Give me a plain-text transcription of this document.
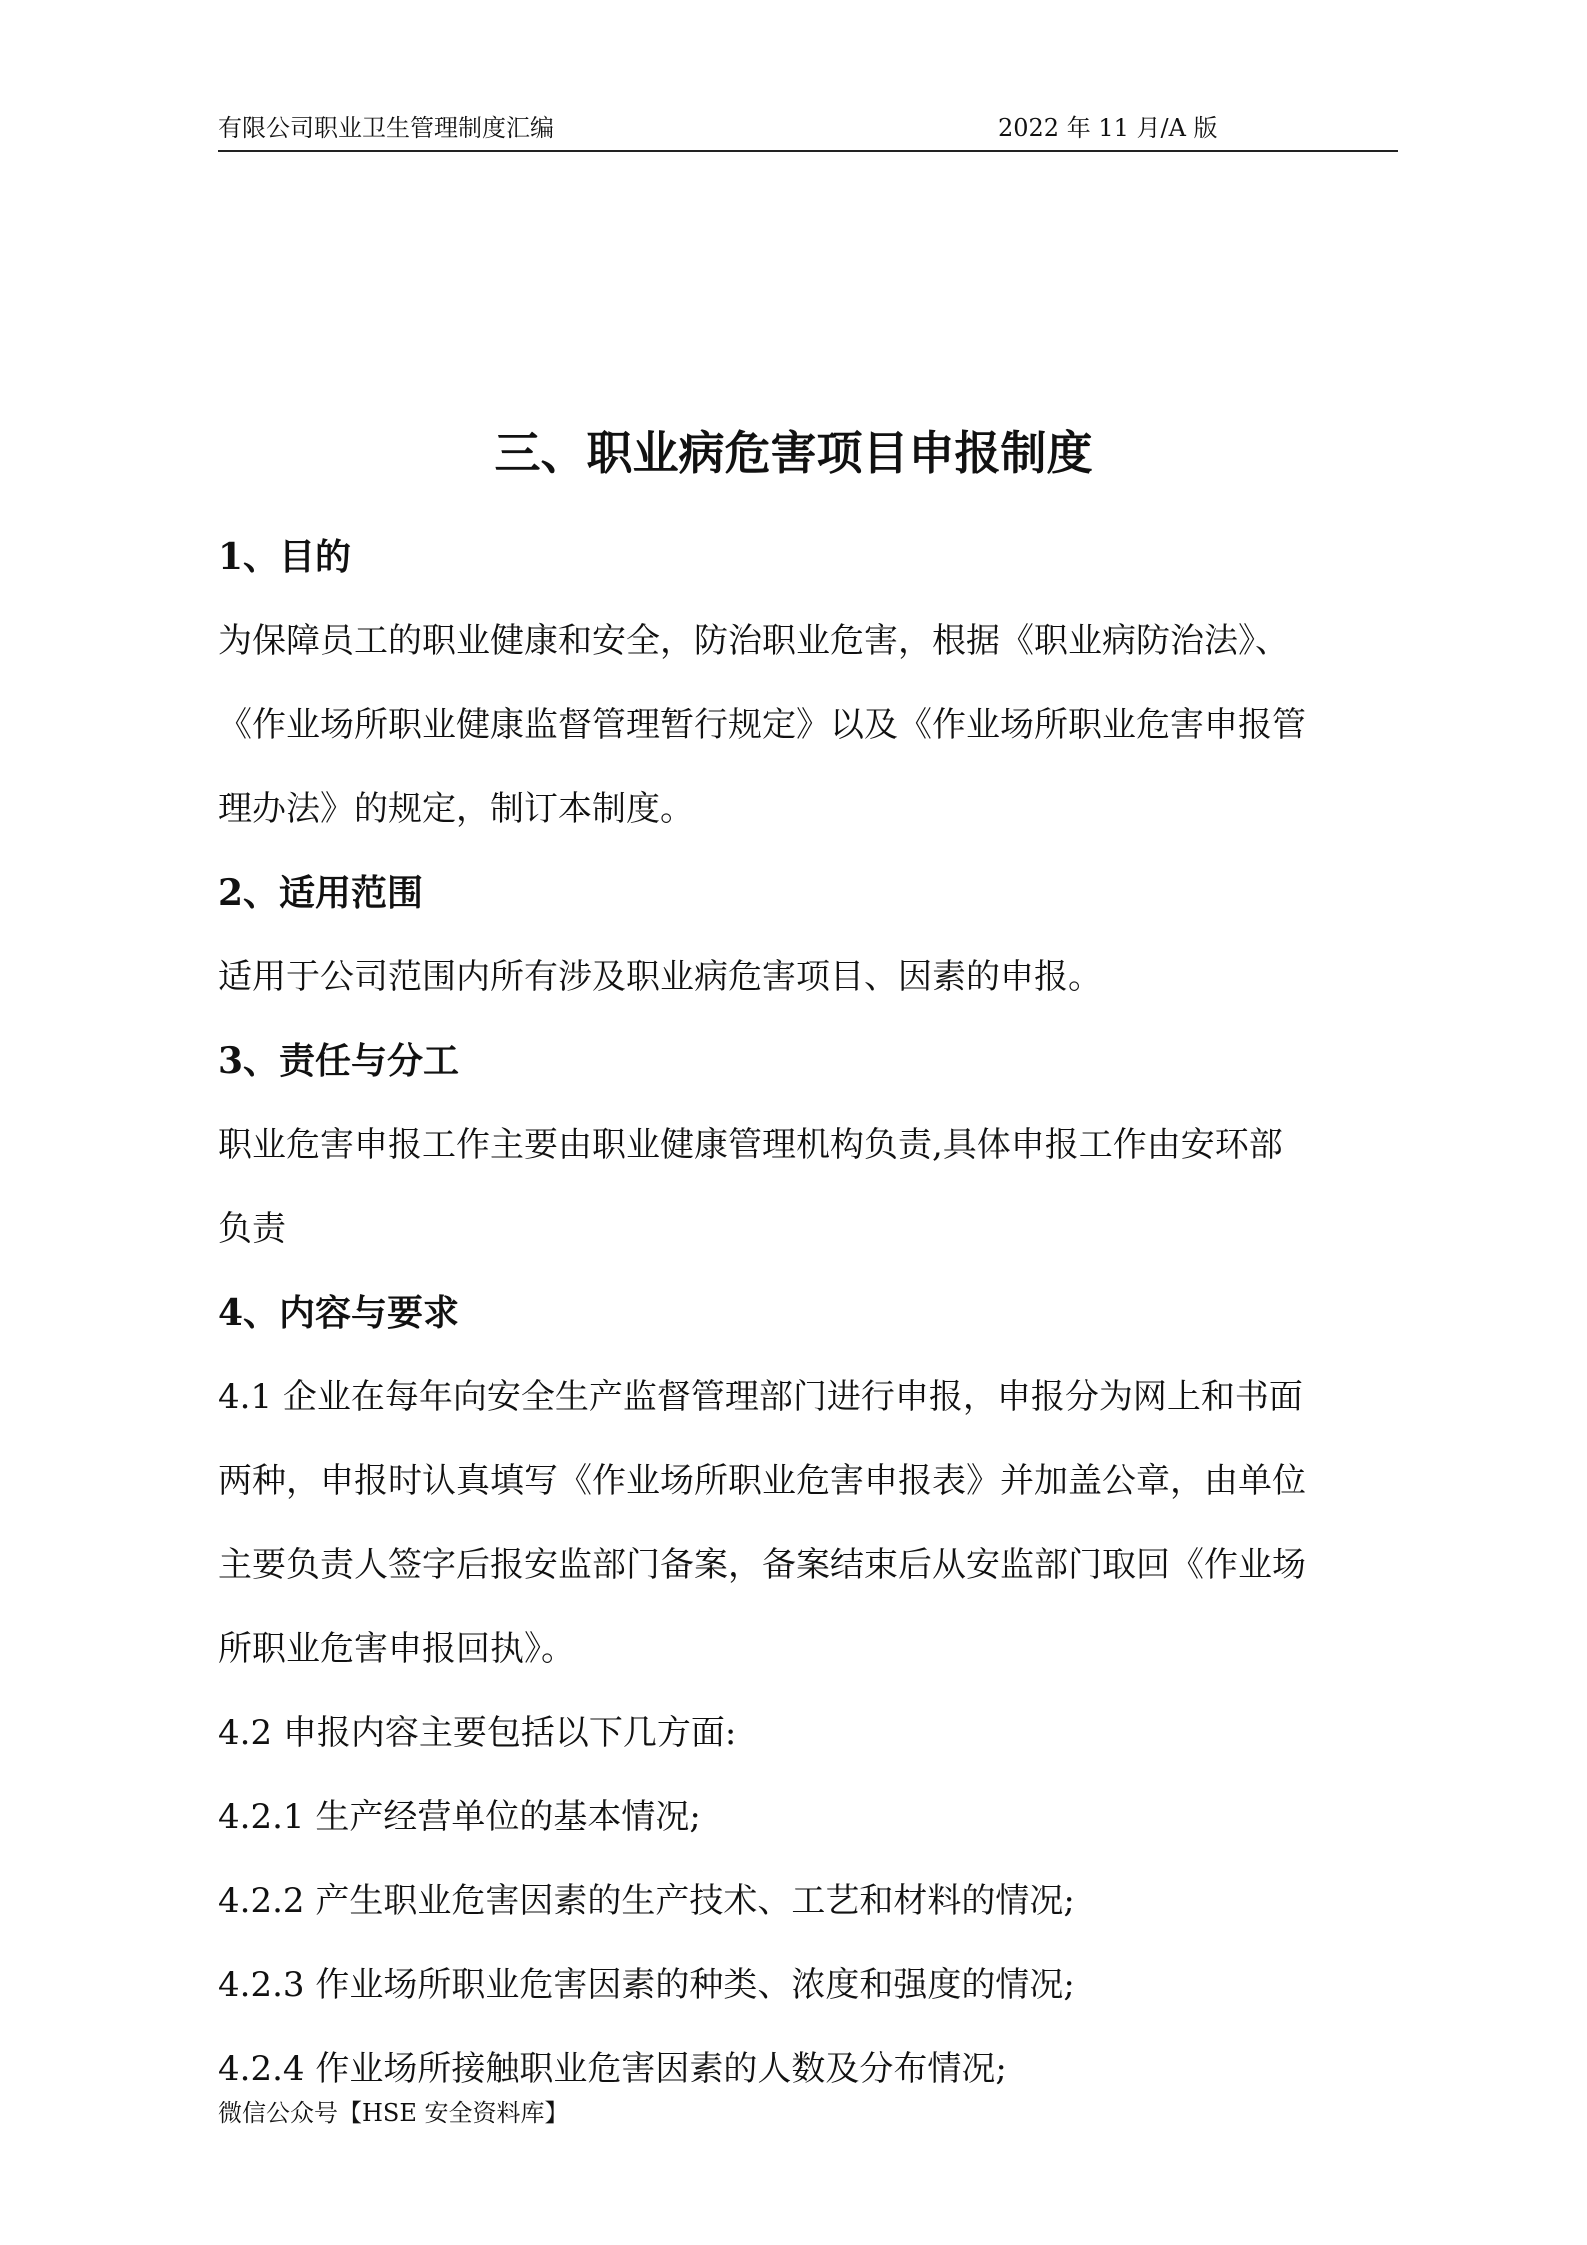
有限公司职业卫生管理制度汇编	2022 年 11 月/A 版
三、职业病危害项目申报制度

1、目的

为保障员工的职业健康和安全，防治职业危害，根据《职业病防治法》、

《作业场所职业健康监督管理暂行规定》以及《作业场所职业危害申报管

理办法》的规定，制订本制度。

2、适用范围

适用于公司范围内所有涉及职业病危害项目、因素的申报。

3、责任与分工

职业危害申报工作主要由职业健康管理机构负责,具体申报工作由安环部

负责

4、内容与要求

4.1 企业在每年向安全生产监督管理部门进行申报，申报分为网上和书面

两种，申报时认真填写《作业场所职业危害申报表》并加盖公章，由单位

主要负责人签字后报安监部门备案，备案结束后从安监部门取回《作业场

所职业危害申报回执》。

4.2 申报内容主要包括以下几方面:

4.2.1 生产经营单位的基本情况;

4.2.2 产生职业危害因素的生产技术、工艺和材料的情况;

4.2.3 作业场所职业危害因素的种类、浓度和强度的情况;

4.2.4 作业场所接触职业危害因素的人数及分布情况;

微信公众号【HSE 安全资料库】
